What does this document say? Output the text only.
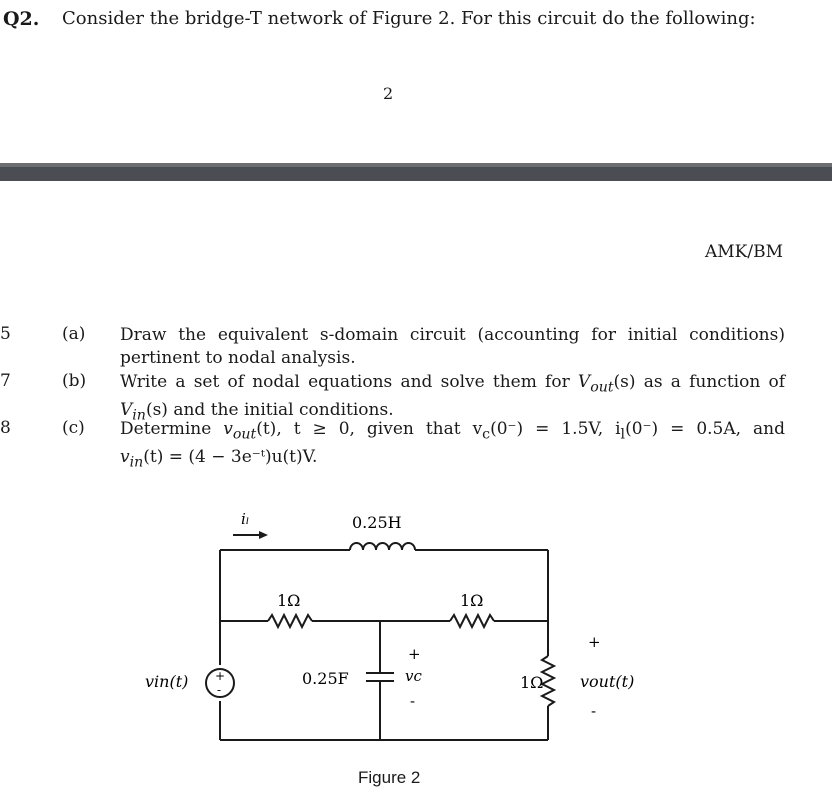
Q2. Consider the bridge-T network of Figure 2. For this circuit do the following:
2
AMK/BM
5	(a) Draw the equivalent s-domain circuit (accounting for initial conditions)
pertinent to nodal analysis.
7	(b) Write a set of nodal equations and solve them for $V_{out}(s)$ as a function of
$V_{in}(s)$ and the initial conditions.
8	(c) Determine $v_{out}(t)$, t ≥ 0, given that $v_c(0^-) = 1.5V$, $i_l(0^-) = 0.5A$, and
$v_{in}(t) = (4$ − 3e⁻ᵗ)u(t)V.
iₗ	0.25H
1Ω	1Ω
1Ω
0.25F
+
vc
-
vin(t) +
-
+
vout(t)
-
Figure 2
